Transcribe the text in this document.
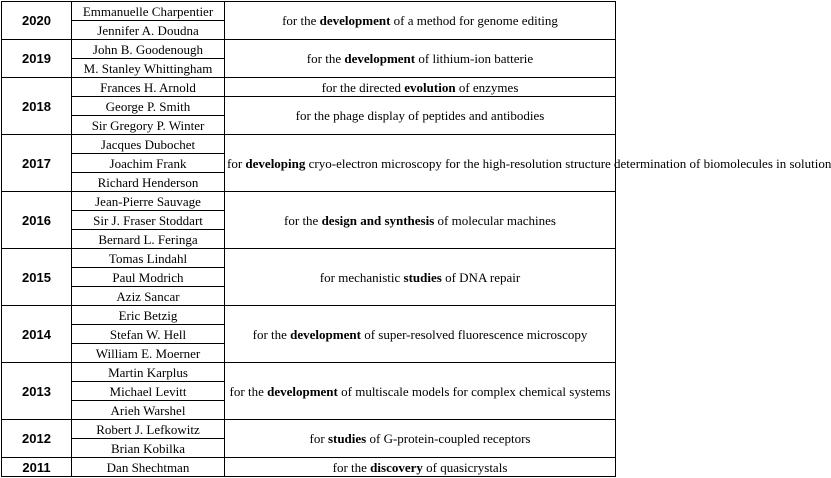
2020	Emmanuelle Charpentier	for the development of a method for genome editing
	Jennifer A. Doudna	
2019	John B. Goodenough	for the development of lithium-ion batterie
	M. Stanley Whittingham	
2018	Frances H. Arnold	for the directed evolution of enzymes
	George P. Smith	for the phage display of peptides and antibodies
	Sir Gregory P. Winter	
2017	Jacques Dubochet	for developing cryo-electron microscopy for the high-resolution structure determination of biomolecules in solution
	Joachim Frank	
	Richard Henderson	
2016	Jean-Pierre Sauvage	for the design and synthesis of molecular machines
	Sir J. Fraser Stoddart	
	Bernard L. Feringa	
2015	Tomas Lindahl	for mechanistic studies of DNA repair
	Paul Modrich	
	Aziz Sancar	
2014	Eric Betzig	for the development of super-resolved fluorescence microscopy
	Stefan W. Hell	
	William E. Moerner	
2013	Martin Karplus	for the development of multiscale models for complex chemical systems
	Michael Levitt	
	Arieh Warshel	
2012	Robert J. Lefkowitz	for studies of G-protein-coupled receptors
	Brian Kobilka	
2011	Dan Shechtman	for the discovery of quasicrystals
